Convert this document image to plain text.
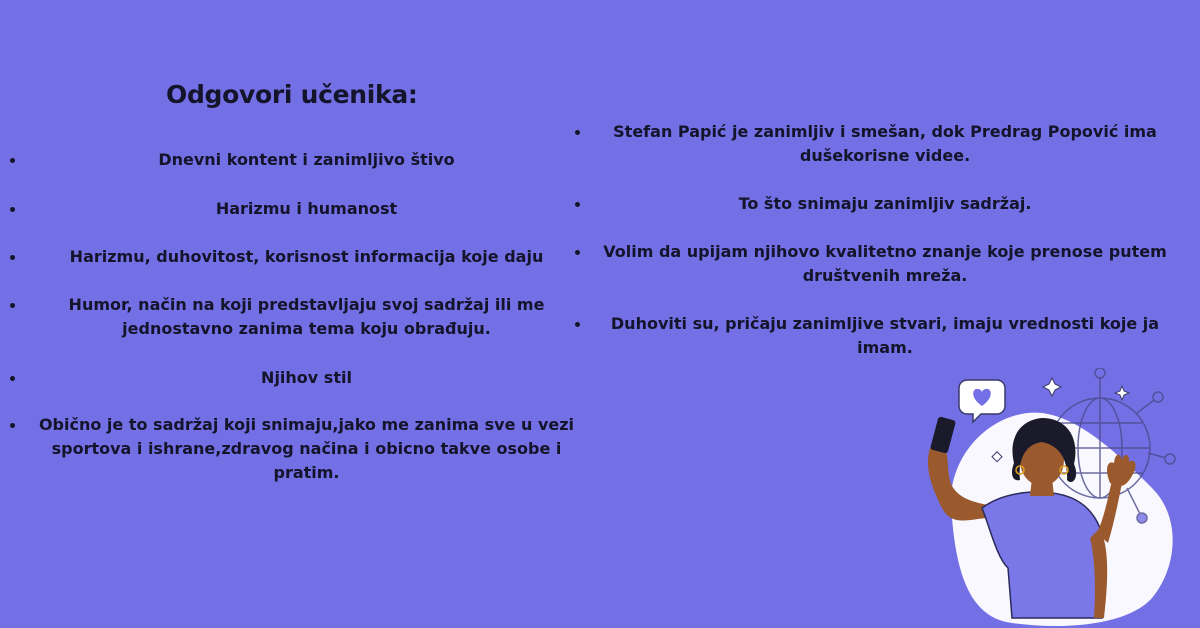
Odgovori učenika:
Dnevni kontent i zanimljivo štivo
Harizmu i humanost
Harizmu, duhovitost, korisnost informacija koje daju
Humor, način na koji predstavljaju svoj sadržaj ili me jednostavno zanima tema koju obrađuju.
Njihov stil
Obično je to sadržaj koji snimaju,jako me zanima sve u vezi sportova i ishrane,zdravog načina i obicno takve osobe i pratim.
Stefan Papić je zanimljiv i smešan, dok Predrag Popović ima dušekorisne videe.
To što snimaju zanimljiv sadržaj.
Volim da upijam njihovo kvalitetno znanje koje prenose putem društvenih mreža.
Duhoviti su, pričaju zanimljive stvari, imaju vrednosti koje ja imam.
